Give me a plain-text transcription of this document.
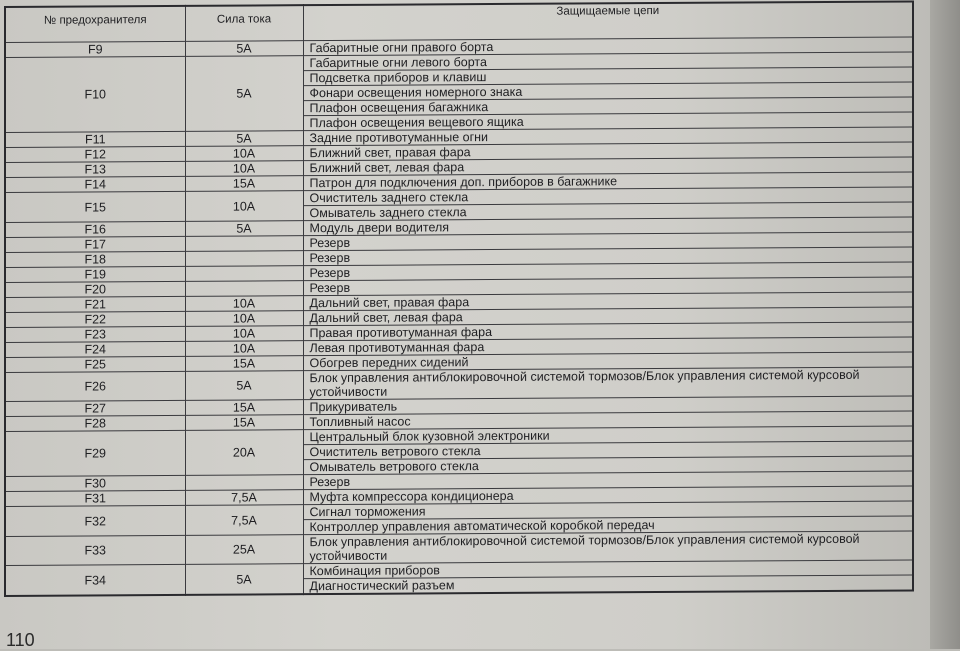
№ предохранителя	Сила тока	Защищаемые цепи
F9	5A	Габаритные огни правого борта

F10	5A	Габаритные огни левого борта
Подсветка приборов и клавиш
Фонари освещения номерного знака
Плафон освещения багажника
Плафон освещения вещевого ящика

F11	5A	Задние противотуманные огни

F12	10A	Ближний свет, правая фара

F13	10A	Ближний свет, левая фара

F14	15A	Патрон для подключения доп. приборов в багажнике

F15	10A	Очиститель заднего стекла
Омыватель заднего стекла

F16	5A	Модуль двери водителя

F17		Резерв

F18		Резерв

F19		Резерв

F20		Резерв

F21	10A	Дальний свет, правая фара

F22	10A	Дальний свет, левая фара

F23	10A	Правая противотуманная фара

F24	10A	Левая противотуманная фара

F25	15A	Обогрев передних сидений

F26	5A	Блок управления антиблокировочной системой тормозов/Блок управления системой курсовой устойчивости

F27	15A	Прикуриватель

F28	15A	Топливный насос

F29	20A	Центральный блок кузовной электроники
Очиститель ветрового стекла
Омыватель ветрового стекла

F30		Резерв

F31	7,5A	Муфта компрессора кондиционера

F32	7,5A	Сигнал торможения
Контроллер управления автоматической коробкой передач

F33	25A	Блок управления антиблокировочной системой тормозов/Блок управления системой курсовой устойчивости

F34	5A	Комбинация приборов
Диагностический разъем
110
